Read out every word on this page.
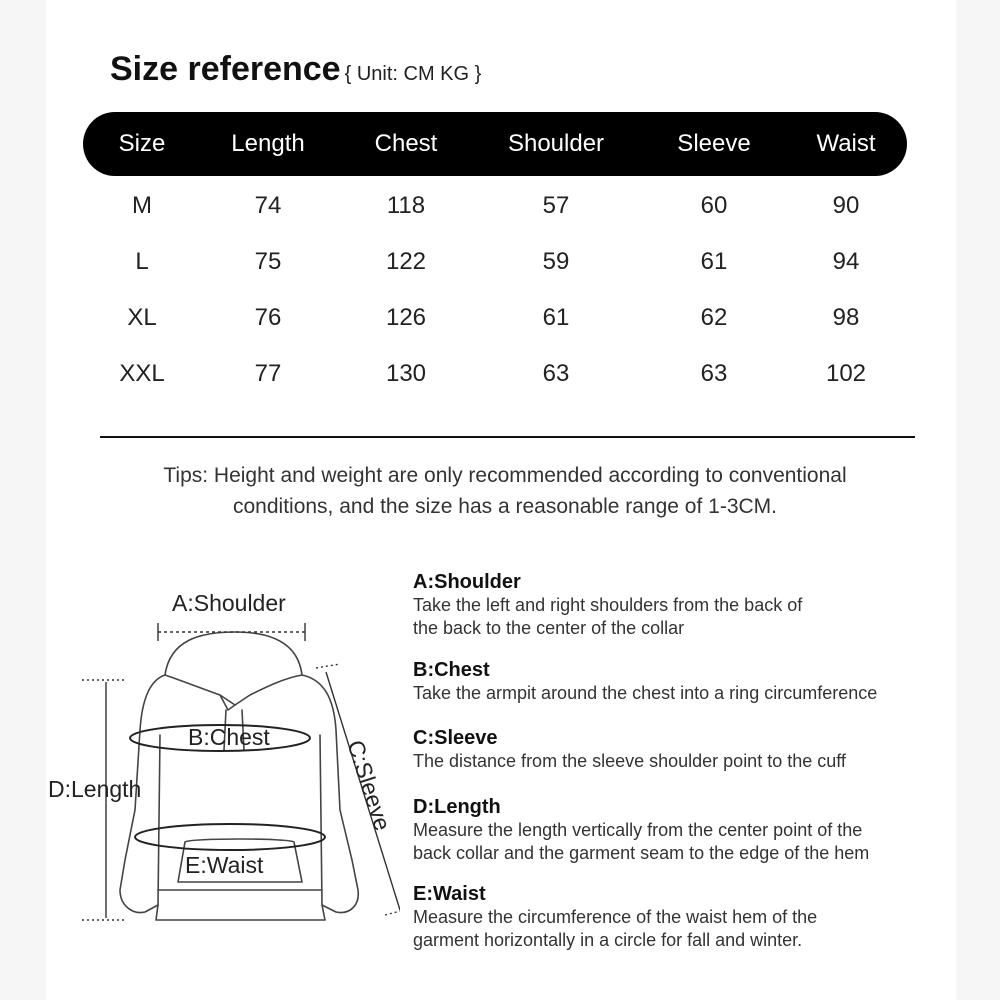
Size reference { Unit: CM KG }
Size	Length	Chest	Shoulder	Sleeve	Waist
M	74	118	57	60	90
L	75	122	59	61	94
XL	76	126	61	62	98
XXL	77	130	63	63	102
Tips: Height and weight are only recommended according to conventional
conditions, and the size has a reasonable range of 1-3CM.
A:Shoulder
B:Chest
D:Length
E:Waist
C:Sleeve
A:Shoulder
Take the left and right shoulders from the back of
the back to the center of the collar
B:Chest
Take the armpit around the chest into a ring circumference
C:Sleeve
The distance from the sleeve shoulder point to the cuff
D:Length
Measure the length vertically from the center point of the
back collar and the garment seam to the edge of the hem
E:Waist
Measure the circumference of the waist hem of the
garment horizontally in a circle for fall and winter.
